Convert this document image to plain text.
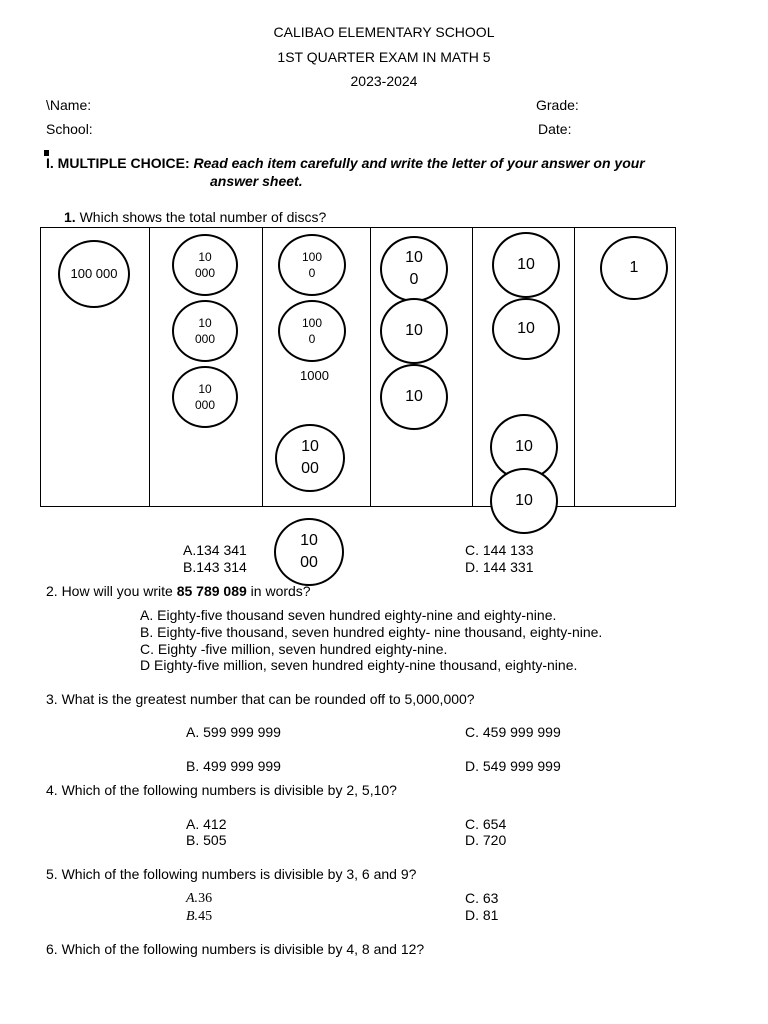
CALIBAO ELEMENTARY SCHOOL
1ST QUARTER EXAM IN MATH 5
2023-2024
\Name:	Grade:
School:	Date:
I. MULTIPLE CHOICE: Read each item carefully and write the letter of your answer on your
answer sheet.
1. Which shows the total number of discs?
100 000
10
000
10
000
10
000
100
0
100
0
1000
10
00
10
00
10
0
10
10
10
10
10
10
1
A.134 341
B.143 314
C. 144 133
D. 144 331
2. How will you write 85 789 089 in words?
A. Eighty-five thousand seven hundred eighty-nine and eighty-nine.
B. Eighty-five thousand, seven hundred eighty- nine thousand, eighty-nine.
C. Eighty -five million, seven hundred eighty-nine.
D Eighty-five million, seven hundred eighty-nine thousand, eighty-nine.
3. What is the greatest number that can be rounded off to 5,000,000?
A. 599 999 999
B. 499 999 999
C. 459 999 999
D. 549 999 999
4. Which of the following numbers is divisible by 2, 5,10?
A. 412
B. 505
C. 654
D. 720
5. Which of the following numbers is divisible by 3, 6 and 9?
A.36
B.45
C. 63
D. 81
6. Which of the following numbers is divisible by 4, 8 and 12?
